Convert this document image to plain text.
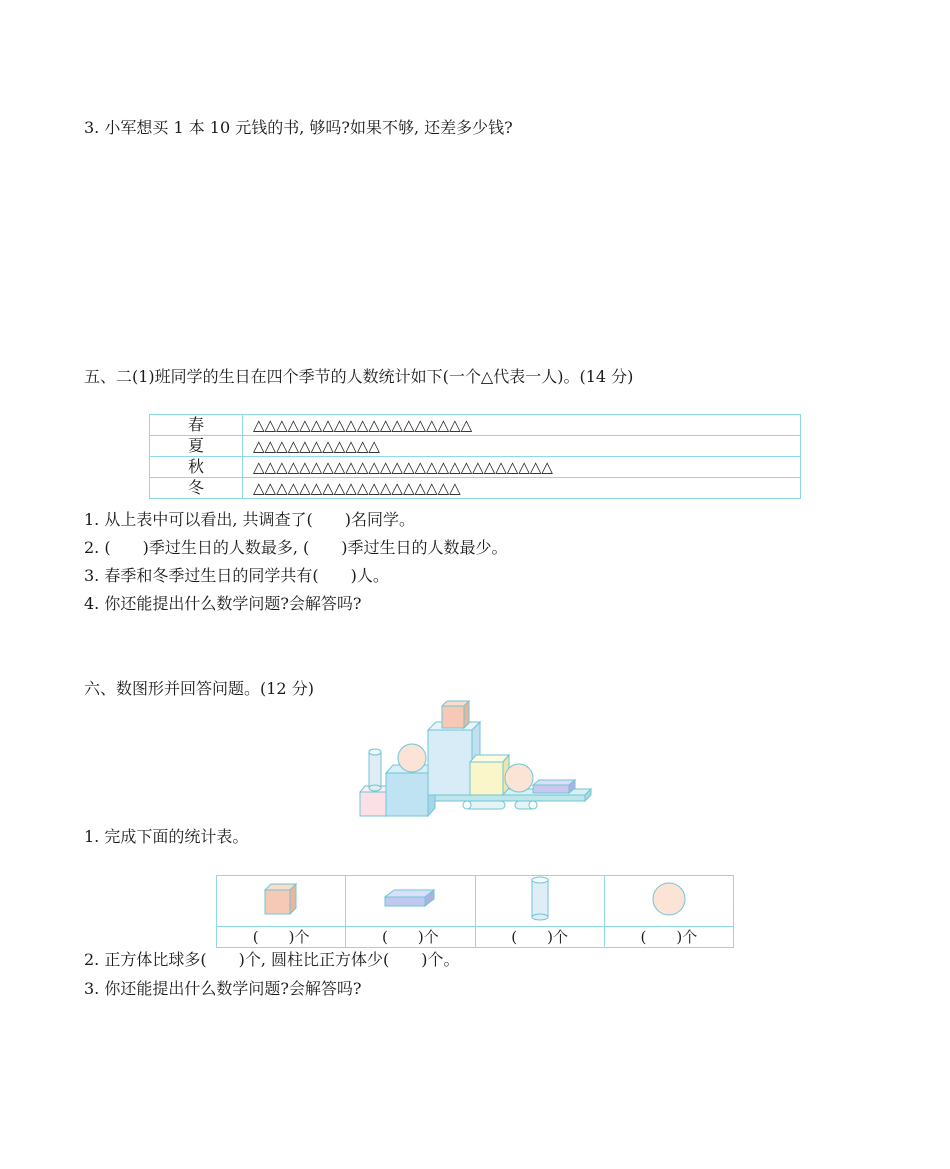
3. 小军想买 1 本 10 元钱的书, 够吗?如果不够, 还差多少钱?
五、二(1)班同学的生日在四个季节的人数统计如下(一个△代表一人)。(14 分)
春	△△△△△△△△△△△△△△△△△△△
夏	△△△△△△△△△△△
秋	△△△△△△△△△△△△△△△△△△△△△△△△△△
冬	△△△△△△△△△△△△△△△△△△
1. 从上表中可以看出, 共调查了(　　)名同学。
2. (　　)季过生日的人数最多, (　　)季过生日的人数最少。
3. 春季和冬季过生日的同学共有(　　)人。
4. 你还能提出什么数学问题?会解答吗?
六、数图形并回答问题。(12 分)
1. 完成下面的统计表。

(　　)个	(　　)个	(　　)个	(　　)个
2. 正方体比球多(　　)个, 圆柱比正方体少(　　)个。
3. 你还能提出什么数学问题?会解答吗?
